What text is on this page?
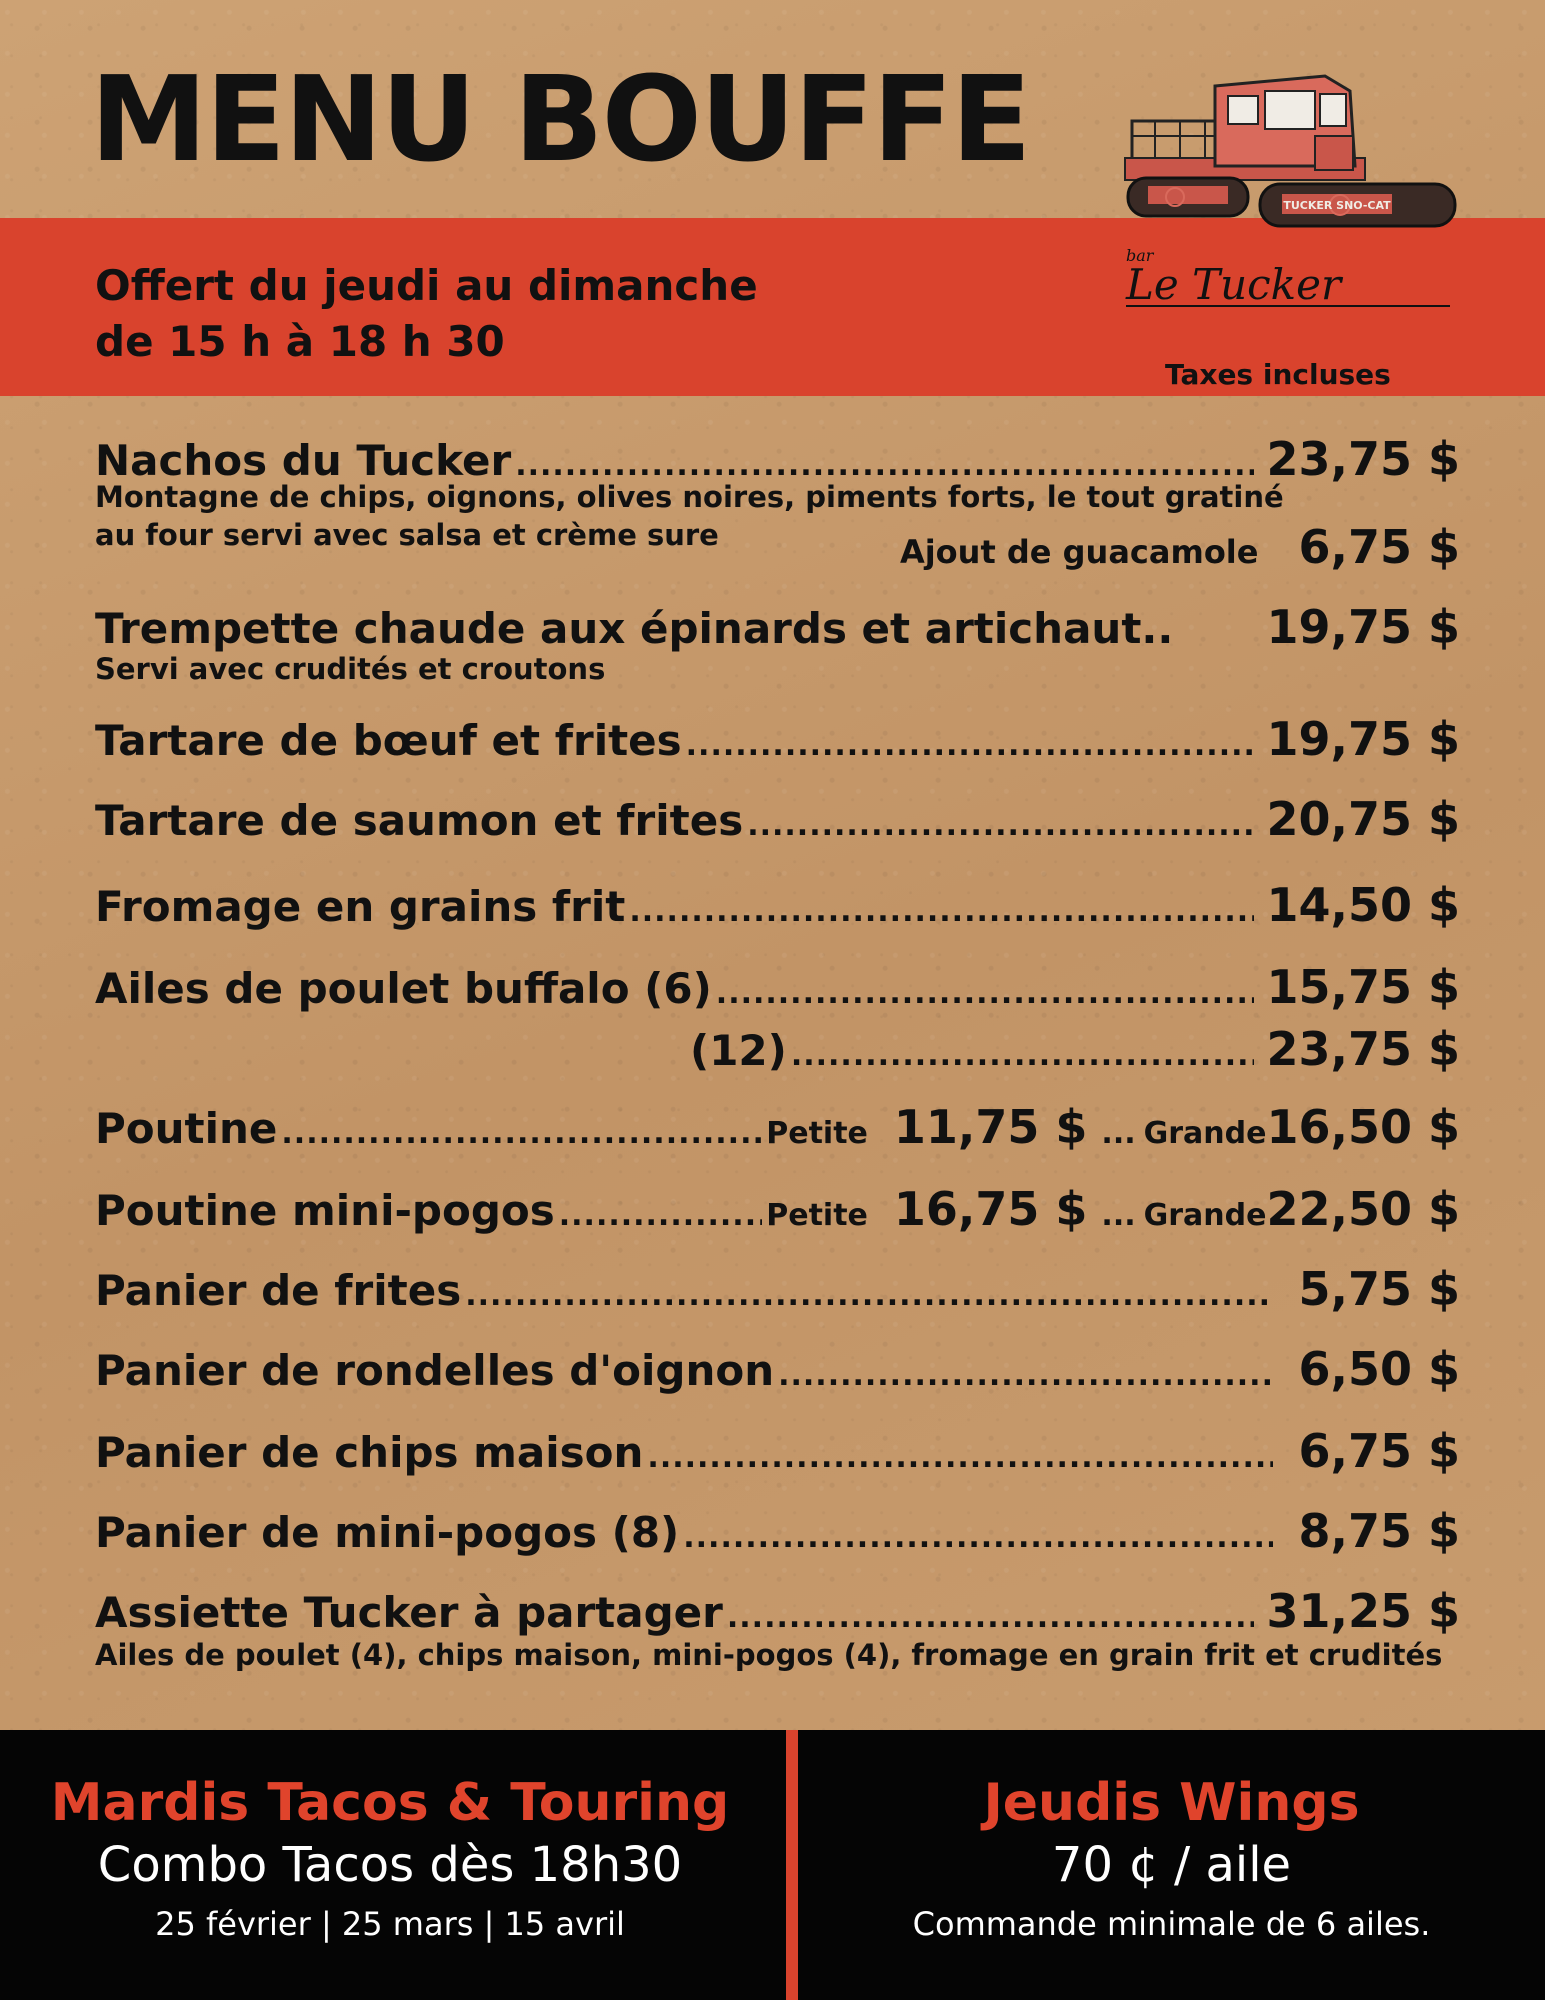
MENU BOUFFE
Offert du jeudi au dimanche
de 15 h à 18 h 30
TUCKER SNO-CAT
bar
Le Tucker
Taxes incluses
Nachos du Tucker .....	23,75 $
Montagne de chips, oignons, olives noires, piments forts, le tout gratiné
au four servi avec salsa et crème sure	Ajout de guacamole 6,75 $
Trempette chaude aux épinards et artichaut.. 19,75 $
Servi avec crudités et croutons
Tartare de bœuf et frites .....	19,75 $
Tartare de saumon et frites .....	20,75 $
Fromage en grains frit .....	14,50 $
Ailes de poulet buffalo (6) .....	15,75 $
(12) .....	23,75 $
Poutine .....	Petite 11,75 $ ... Grande 16,50 $
Poutine mini-pogos .....	Petite 16,75 $ ... Grande 22,50 $
Panier de frites .....	5,75 $
Panier de rondelles d'oignon .....	6,50 $
Panier de chips maison .....	6,75 $
Panier de mini-pogos (8) .....	8,75 $
Assiette Tucker à partager .....	31,25 $
Ailes de poulet (4), chips maison, mini-pogos (4), fromage en grain frit et crudités
Mardis Tacos & Touring
Combo Tacos dès 18h30
25 février | 25 mars | 15 avril
Jeudis Wings
70 ¢ / aile
Commande minimale de 6 ailes.
